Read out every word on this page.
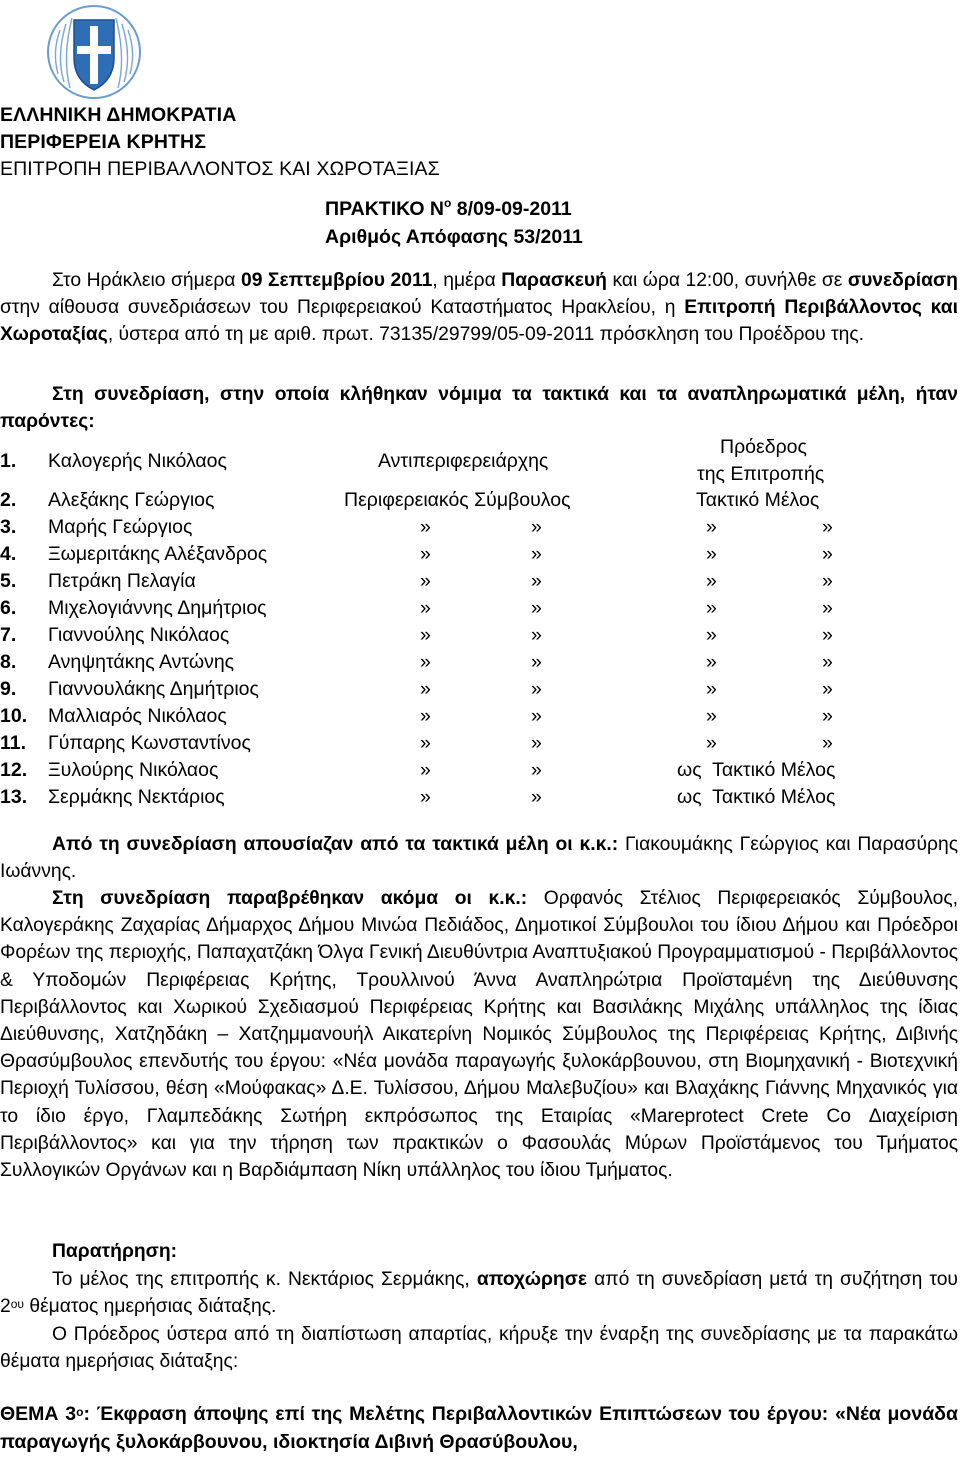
ΕΛΛΗΝΙΚΗ ΔΗΜΟΚΡΑΤΙΑ
ΠΕΡΙΦΕΡΕΙΑ ΚΡΗΤΗΣ
ΕΠΙΤΡΟΠΗ ΠΕΡΙΒΑΛΛΟΝΤΟΣ ΚΑΙ ΧΩΡΟΤΑΞΙΑΣ
ΠΡΑΚΤΙΚΟ $N^o$ 8/09-09-2011
Αριθμός Απόφασης 53/2011
Στο Ηράκλειο σήμερα 09 Σεπτεμβρίου 2011, ημέρα Παρασκευή και ώρα 12:00, συνήλθε σε συνεδρίαση στην αίθουσα συνεδριάσεων του Περιφερειακού Καταστήματος Ηρακλείου, η Επιτροπή Περιβάλλοντος και Χωροταξίας, ύστερα από τη με αριθ. πρωτ. 73135/29799/05-09-2011 πρόσκληση του Προέδρου της.
Στη συνεδρίαση, στην οποία κλήθηκαν νόμιμα τα τακτικά και τα αναπληρωματικά μέλη, ήταν παρόντες:
1. Καλογερής Νικόλαος	Αντιπεριφερειάρχης
Πρόεδρος
της Επιτροπής
2. Αλεξάκης Γεώργιος	Περιφερειακός Σύμβουλος	Τακτικό Μέλος
3. Μαρής Γεώργιος	»	»	»	»
4. Ξωμεριτάκης Αλέξανδρος	»	»	»	»
5. Πετράκη Πελαγία	»	»	»	»
6. Μιχελογιάννης Δημήτριος	»	»	»	»
7. Γιαννούλης Νικόλαος	»	»	»	»
8. Ανηψητάκης Αντώνης	»	»	»	»
9. Γιαννουλάκης Δημήτριος	»	»	»	»
10. Μαλλιαρός Νικόλαος	»	»	»	»
11. Γύπαρης Κωνσταντίνος	»	»	»	»
12. Ξυλούρης Νικόλαος	»	»	ως  Τακτικό Μέλος
13. Σερμάκης Νεκτάριος	»	»	ως  Τακτικό Μέλος
Από τη συνεδρίαση απουσίαζαν από τα τακτικά μέλη οι κ.κ.: Γιακουμάκης Γεώργιος και Παρασύρης Ιωάννης.
Στη συνεδρίαση παραβρέθηκαν ακόμα οι κ.κ.: Ορφανός Στέλιος Περιφερειακός Σύμβουλος, Καλογεράκης Ζαχαρίας Δήμαρχος Δήμου Μινώα Πεδιάδος, Δημοτικοί Σύμβουλοι του ίδιου Δήμου και Πρόεδροι Φορέων της περιοχής, Παπαχατζάκη Όλγα Γενική Διευθύντρια Αναπτυξιακού Προγραμματισμού - Περιβάλλοντος & Υποδομών Περιφέρειας Κρήτης, Τρουλλινού Άννα Αναπληρώτρια Προϊσταμένη της Διεύθυνσης Περιβάλλοντος και Χωρικού Σχεδιασμού Περιφέρειας Κρήτης και Βασιλάκης Μιχάλης υπάλληλος της ίδιας Διεύθυνσης, Χατζηδάκη – Χατζημμανουήλ Αικατερίνη Νομικός Σύμβουλος της Περιφέρειας Κρήτης, Διβινής Θρασύμβουλος επενδυτής του έργου: «Νέα μονάδα παραγωγής ξυλοκάρβουνου, στη Βιομηχανική - Βιοτεχνική Περιοχή Τυλίσσου, θέση «Μούφακας» Δ.Ε. Τυλίσσου, Δήμου Μαλεβυζίου» και Βλαχάκης Γιάννης Μηχανικός για το ίδιο έργο, Γλαμπεδάκης Σωτήρη εκπρόσωπος της Εταιρίας «Mareprotect Crete Co Διαχείριση Περιβάλλοντος» και για την τήρηση των πρακτικών ο Φασουλάς Μύρων Προϊστάμενος του Τμήματος Συλλογικών Οργάνων και η Βαρδιάμπαση Νίκη υπάλληλος του ίδιου Τμήματος.

Παρατήρηση:

Το μέλος της επιτροπής κ. Νεκτάριος Σερμάκης, αποχώρησε από τη συνεδρίαση μετά τη συζήτηση του $2^{o\upsilon}$ θέματος ημερήσιας διάταξης.
Ο Πρόεδρος ύστερα από τη διαπίστωση απαρτίας, κήρυξε την έναρξη της συνεδρίασης με τα παρακάτω θέματα ημερήσιας διάταξης:
ΘΕΜΑ $3^o$: Έκφραση άποψης επί της Μελέτης Περιβαλλοντικών Επιπτώσεων του έργου: «Νέα μονάδα παραγωγής ξυλοκάρβουνου, ιδιοκτησία Διβινή Θρασύβουλου,
